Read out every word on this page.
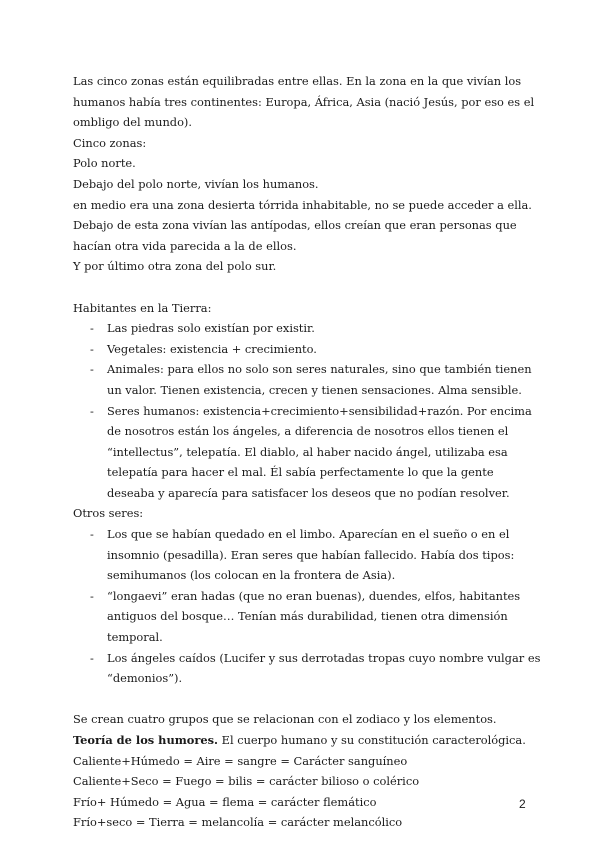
Las cinco zonas están equilibradas entre ellas. En la zona en la que vivían los humanos había tres continentes: Europa, África, Asia (nació Jesús, por eso es el ombligo del mundo).

Cinco zonas:

Polo norte.

Debajo del polo norte, vivían los humanos.

en medio era una zona desierta tórrida inhabitable, no se puede acceder a ella.

Debajo de esta zona vivían las antípodas, ellos creían que eran personas que hacían otra vida parecida a la de ellos.

Y por último otra zona del polo sur.

Habitantes en la Tierra:

- Las piedras solo existían por existir.
- Vegetales: existencia + crecimiento.
- Animales: para ellos no solo son seres naturales, sino que también tienen un valor. Tienen existencia, crecen y tienen sensaciones. Alma sensible.
- Seres humanos: existencia+crecimiento+sensibilidad+razón. Por encima de nosotros están los ángeles, a diferencia de nosotros ellos tienen el “intellectus”, telepatía. El diablo, al haber nacido ángel, utilizaba esa telepatía para hacer el mal. Él sabía perfectamente lo que la gente deseaba y aparecía para satisfacer los deseos que no podían resolver.

Otros seres:

- Los que se habían quedado en el limbo. Aparecían en el sueño o en el insomnio (pesadilla). Eran seres que habían fallecido. Había dos tipos: semihumanos (los colocan en la frontera de Asia).
- “longaevi” eran hadas (que no eran buenas), duendes, elfos, habitantes antiguos del bosque… Tenían más durabilidad, tienen otra dimensión temporal.
- Los ángeles caídos (Lucifer y sus derrotadas tropas cuyo nombre vulgar es “demonios”).

Se crean cuatro grupos que se relacionan con el zodiaco y los elementos.

Teoría de los humores. El cuerpo humano y su constitución caracterológica.

Caliente+Húmedo = Aire = sangre = Carácter sanguíneo

Caliente+Seco = Fuego = bilis = carácter bilioso o colérico

Frío+ Húmedo = Agua = flema = carácter flemático

Frío+seco = Tierra = melancolía = carácter melancólico

2
